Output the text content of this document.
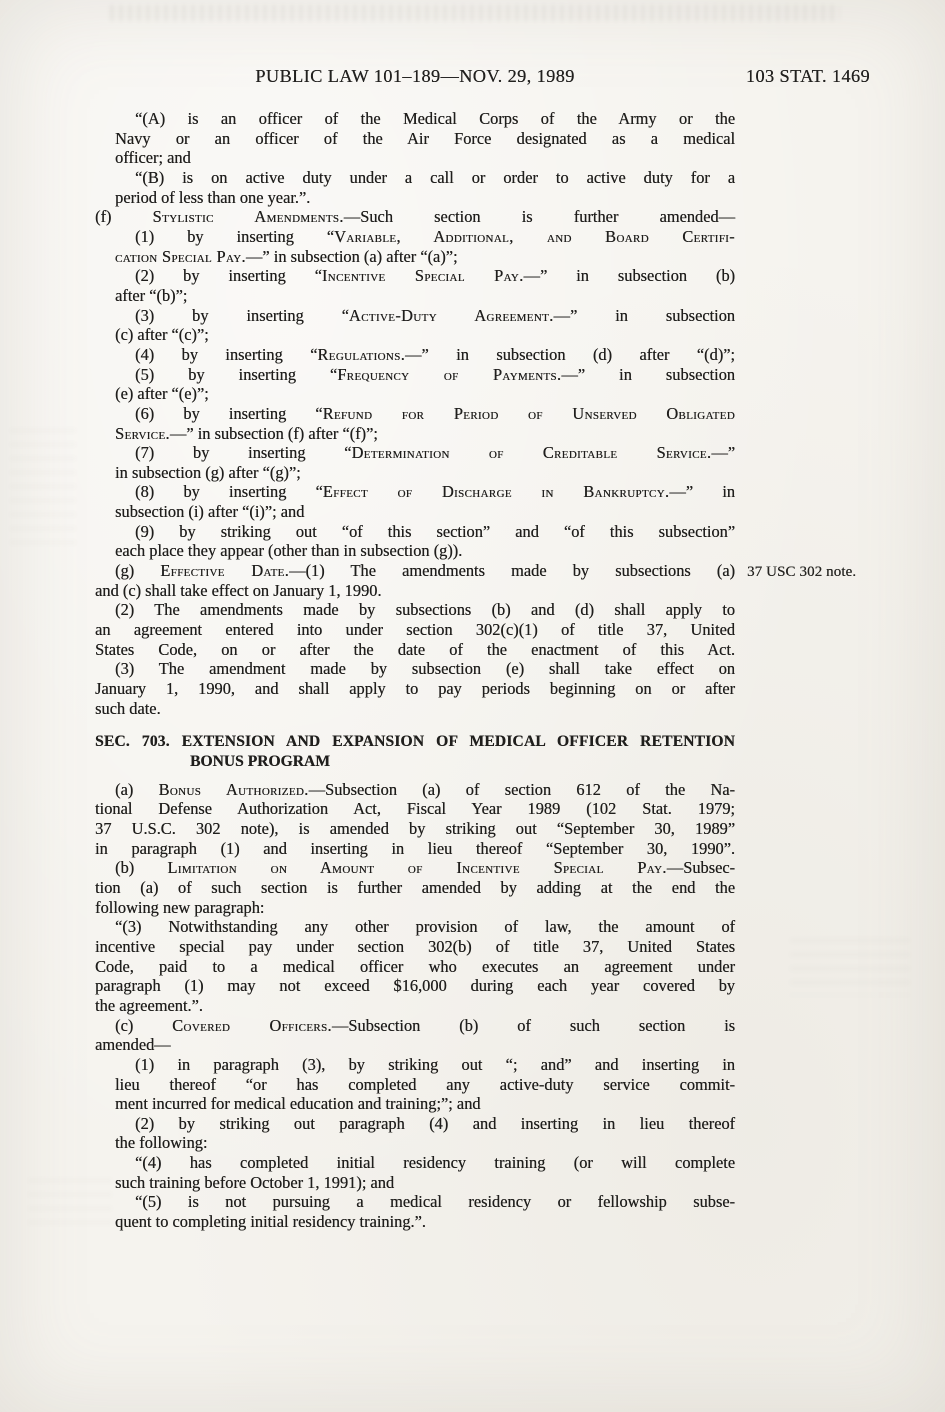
PUBLIC LAW 101–189—NOV. 29, 1989	103 STAT. 1469
“(A) is an officer of the Medical Corps of the Army or the
Navy or an officer of the Air Force designated as a medical
officer; and
“(B) is on active duty under a call or order to active duty for a
period of less than one year.”.
(f) Stylistic Amendments.—Such section is further amended—
(1) by inserting “Variable, Additional, and Board Certifi-
cation Special Pay.—” in subsection (a) after “(a)”;
(2) by inserting “Incentive Special Pay.—” in subsection (b)
after “(b)”;
(3) by inserting “Active-Duty Agreement.—” in subsection
(c) after “(c)”;
(4) by inserting “Regulations.—” in subsection (d) after “(d)”;
(5) by inserting “Frequency of Payments.—” in subsection
(e) after “(e)”;
(6) by inserting “Refund for Period of Unserved Obligated
Service.—” in subsection (f) after “(f)”;
(7) by inserting “Determination of Creditable Service.—”
in subsection (g) after “(g)”;
(8) by inserting “Effect of Discharge in Bankruptcy.—” in
subsection (i) after “(i)”; and
(9) by striking out “of this section” and “of this subsection”
each place they appear (other than in subsection (g)).
(g) Effective Date.—(1) The amendments made by subsections (a) 37 USC 302 note.
and (c) shall take effect on January 1, 1990.
(2) The amendments made by subsections (b) and (d) shall apply to
an agreement entered into under section 302(c)(1) of title 37, United
States Code, on or after the date of the enactment of this Act.
(3) The amendment made by subsection (e) shall take effect on
January 1, 1990, and shall apply to pay periods beginning on or after
such date.
SEC. 703. EXTENSION AND EXPANSION OF MEDICAL OFFICER RETENTION
BONUS PROGRAM
(a) Bonus Authorized.—Subsection (a) of section 612 of the Na-
tional Defense Authorization Act, Fiscal Year 1989 (102 Stat. 1979;
37 U.S.C. 302 note), is amended by striking out “September 30, 1989”
in paragraph (1) and inserting in lieu thereof “September 30, 1990”.
(b) Limitation on Amount of Incentive Special Pay.—Subsec-
tion (a) of such section is further amended by adding at the end the
following new paragraph:
“(3) Notwithstanding any other provision of law, the amount of
incentive special pay under section 302(b) of title 37, United States
Code, paid to a medical officer who executes an agreement under
paragraph (1) may not exceed $16,000 during each year covered by
the agreement.”.
(c) Covered Officers.—Subsection (b) of such section is
amended—
(1) in paragraph (3), by striking out “; and” and inserting in
lieu thereof “or has completed any active-duty service commit-
ment incurred for medical education and training;”; and
(2) by striking out paragraph (4) and inserting in lieu thereof
the following:
“(4) has completed initial residency training (or will complete
such training before October 1, 1991); and
“(5) is not pursuing a medical residency or fellowship subse-
quent to completing initial residency training.”.
